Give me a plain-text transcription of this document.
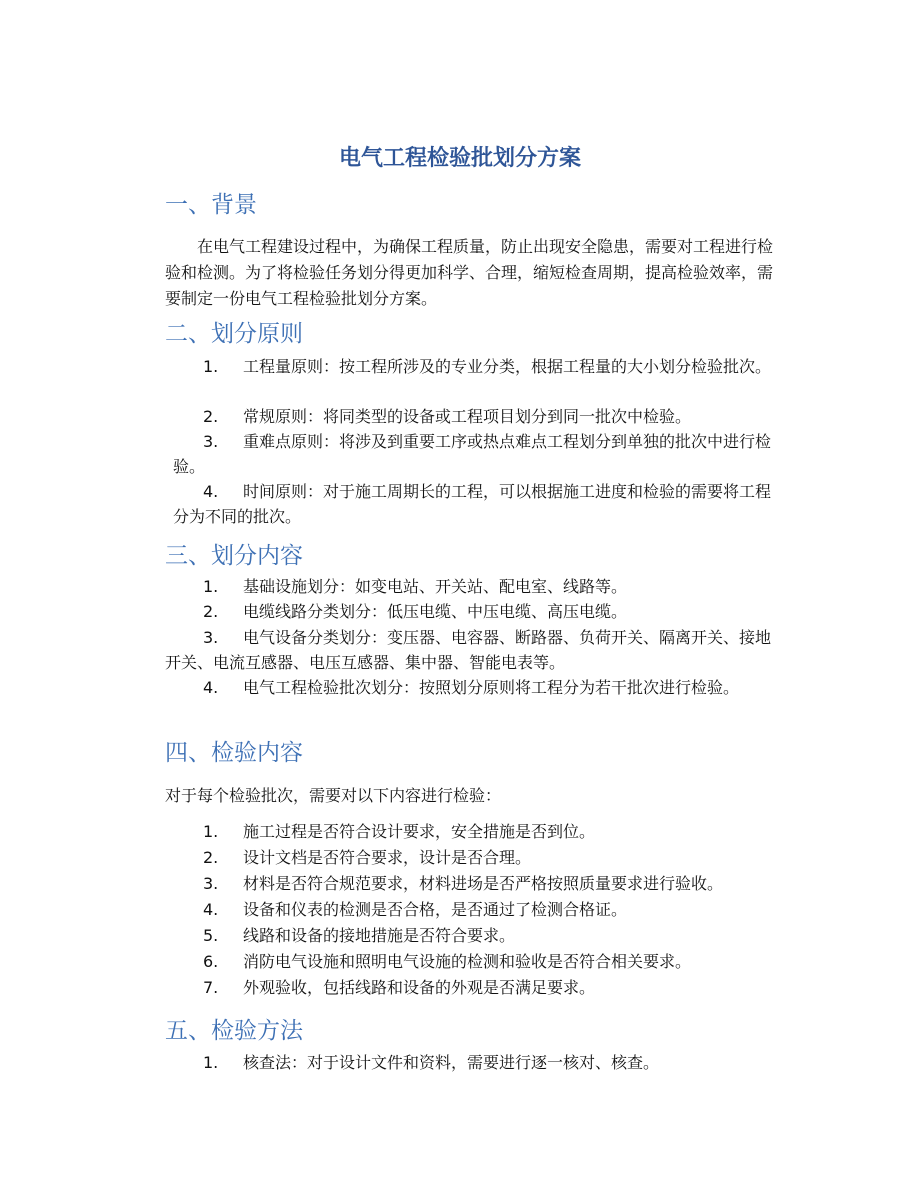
电气工程检验批划分方案
一、背景

在电气工程建设过程中，为确保工程质量，防止出现安全隐患，需要对工程进行检验和检测。为了将检验任务划分得更加科学、合理，缩短检查周期，提高检验效率，需要制定一份电气工程检验批划分方案。

二、划分原则

1. 工程量原则：按工程所涉及的专业分类，根据工程量的大小划分检验批次。

2. 常规原则：将同类型的设备或工程项目划分到同一批次中检验。

3. 重难点原则：将涉及到重要工序或热点难点工程划分到单独的批次中进行检验。

4. 时间原则：对于施工周期长的工程，可以根据施工进度和检验的需要将工程分为不同的批次。

三、划分内容

1. 基础设施划分：如变电站、开关站、配电室、线路等。

2. 电缆线路分类划分：低压电缆、中压电缆、高压电缆。

3. 电气设备分类划分：变压器、电容器、断路器、负荷开关、隔离开关、接地开关、电流互感器、电压互感器、集中器、智能电表等。

4. 电气工程检验批次划分：按照划分原则将工程分为若干批次进行检验。

四、检验内容

对于每个检验批次，需要对以下内容进行检验：

1. 施工过程是否符合设计要求，安全措施是否到位。

2. 设计文档是否符合要求，设计是否合理。

3. 材料是否符合规范要求，材料进场是否严格按照质量要求进行验收。

4. 设备和仪表的检测是否合格，是否通过了检测合格证。

5. 线路和设备的接地措施是否符合要求。

6. 消防电气设施和照明电气设施的检测和验收是否符合相关要求。

7. 外观验收，包括线路和设备的外观是否满足要求。

五、检验方法

1. 核查法：对于设计文件和资料，需要进行逐一核对、核查。
